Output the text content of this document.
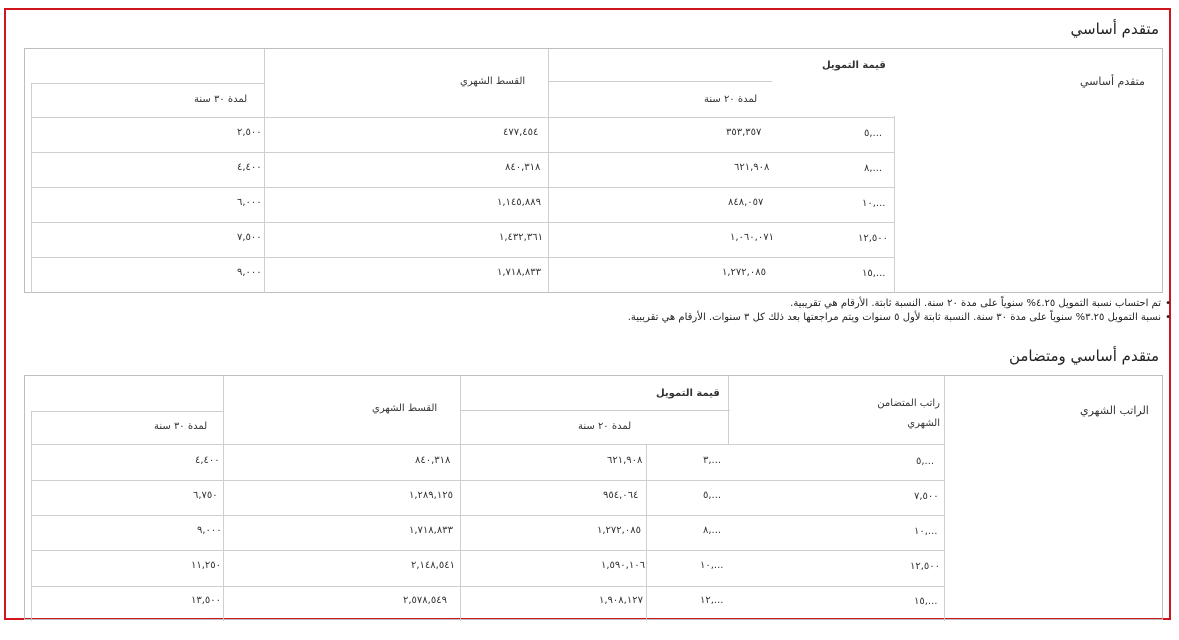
متقدم أساسي
متقدم أساسي
قيمة التمويل
القسط الشهري
لمدة ٢٠ سنة
لمدة ٣٠ سنة
٥,...
٣٥٣,٣٥٧
٤٧٧,٤٥٤
٢,٥٠٠
٨,...
٦٢١,٩٠٨
٨٤٠,٣١٨
٤,٤٠٠
١٠,...
٨٤٨,٠٥٧
١,١٤٥,٨٨٩
٦,٠٠٠
١٢,٥٠٠
١,٠٦٠,٠٧١
١,٤٣٢,٣٦١
٧,٥٠٠
١٥,...
١,٢٧٢,٠٨٥
١,٧١٨,٨٣٣
٩,٠٠٠
•
تم احتساب نسبة التمويل ٤.٢٥% سنوياً على مدة ٢٠ سنة. النسبة ثابتة. الأرقام هي تقريبية.
•
نسبة التمويل ٣.٢٥% سنوياً على مدة ٣٠ سنة. النسبة ثابتة لأول ٥ سنوات ويتم مراجعتها بعد ذلك كل ٣ سنوات. الأرقام هي تقريبية.
متقدم أساسي ومتضامن
الراتب الشهري
راتب المتضامن الشهري
قيمة التمويل
القسط الشهري
لمدة ٢٠ سنة
لمدة ٣٠ سنة
٥,...
٣,...
٦٢١,٩٠٨
٨٤٠,٣١٨
٤,٤٠٠
٧,٥٠٠
٥,...
٩٥٤,٠٦٤
١,٢٨٩,١٢٥
٦,٧٥٠
١٠,...
٨,...
١,٢٧٢,٠٨٥
١,٧١٨,٨٣٣
٩,٠٠٠
١٢,٥٠٠
١٠,...
١,٥٩٠,١٠٦
٢,١٤٨,٥٤١
١١,٢٥٠
١٥,...
١٢,...
١,٩٠٨,١٢٧
٢,٥٧٨,٥٤٩
١٣,٥٠٠
